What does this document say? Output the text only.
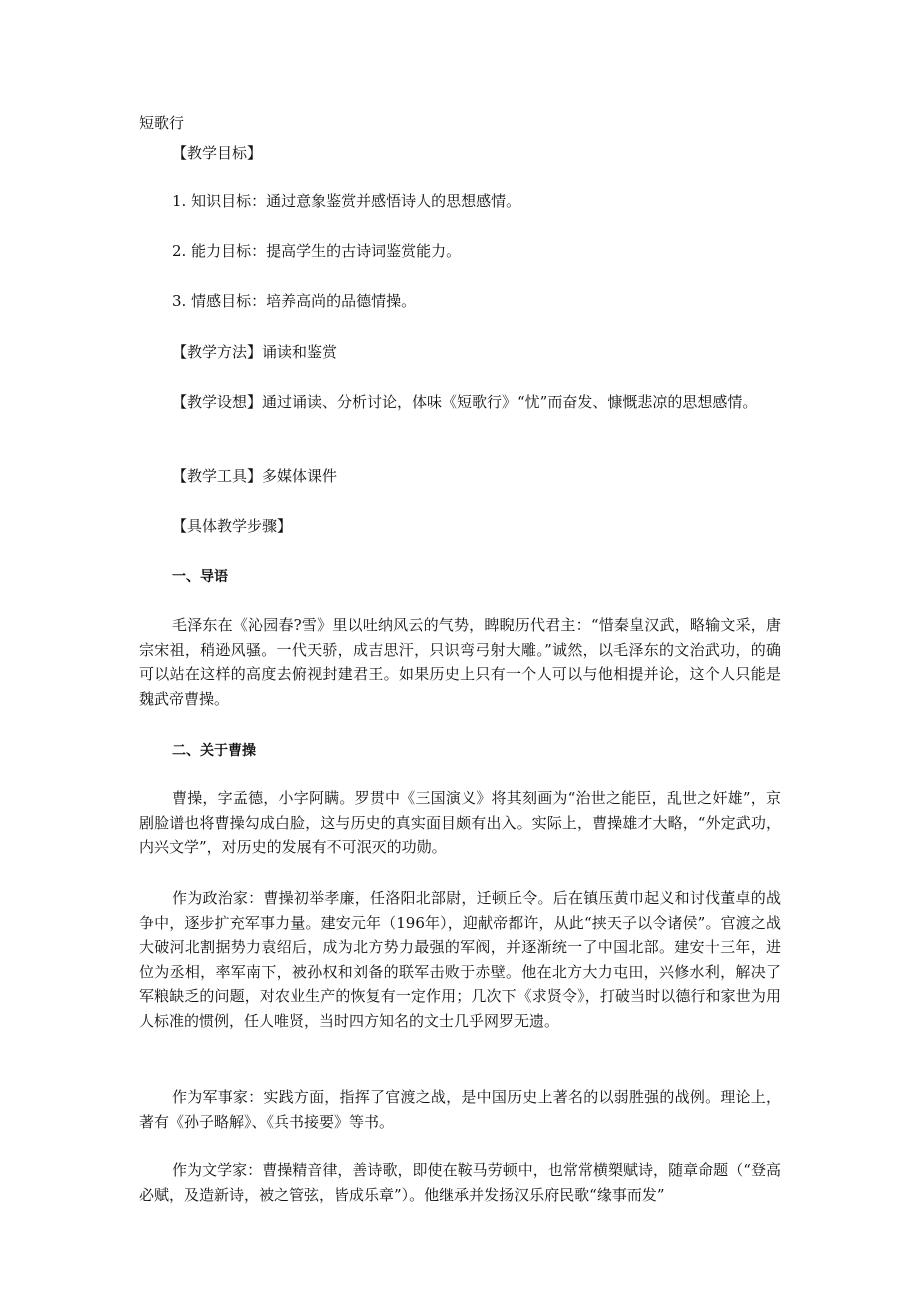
短歌行
【教学目标】
1. 知识目标：通过意象鉴赏并感悟诗人的思想感情。
2. 能力目标：提高学生的古诗词鉴赏能力。
3. 情感目标：培养高尚的品德情操。
【教学方法】诵读和鉴赏
【教学设想】通过诵读、分析讨论，体味《短歌行》“忧”而奋发、慷慨悲凉的思想感情。
【教学工具】多媒体课件
【具体教学步骤】
一、导语
毛泽东在《沁园春?雪》里以吐纳风云的气势，睥睨历代君主：“惜秦皇汉武，略输文采，唐宗宋祖，稍逊风骚。一代天骄，成吉思汗，只识弯弓射大雕。”诚然，以毛泽东的文治武功，的确可以站在这样的高度去俯视封建君王。如果历史上只有一个人可以与他相提并论，这个人只能是魏武帝曹操。
二、关于曹操
曹操，字孟德，小字阿瞒。罗贯中《三国演义》将其刻画为“治世之能臣，乱世之奸雄”，京剧脸谱也将曹操勾成白脸，这与历史的真实面目颇有出入。实际上，曹操雄才大略，“外定武功，内兴文学”，对历史的发展有不可泯灭的功勋。
作为政治家：曹操初举孝廉，任洛阳北部尉，迁顿丘令。后在镇压黄巾起义和讨伐董卓的战争中，逐步扩充军事力量。建安元年（196年），迎献帝都许，从此“挟天子以令诸侯”。官渡之战大破河北割据势力袁绍后，成为北方势力最强的军阀，并逐渐统一了中国北部。建安十三年，进位为丞相，率军南下，被孙权和刘备的联军击败于赤壁。他在北方大力屯田，兴修水利，解决了军粮缺乏的问题，对农业生产的恢复有一定作用；几次下《求贤令》，打破当时以德行和家世为用人标准的惯例，任人唯贤，当时四方知名的文士几乎网罗无遗。
作为军事家：实践方面，指挥了官渡之战，是中国历史上著名的以弱胜强的战例。理论上，著有《孙子略解》、《兵书接要》等书。
作为文学家：曹操精音律，善诗歌，即使在鞍马劳顿中，也常常横槊赋诗，随章命题（“登高必赋，及造新诗，被之管弦，皆成乐章”）。他继承并发扬汉乐府民歌“缘事而发”
